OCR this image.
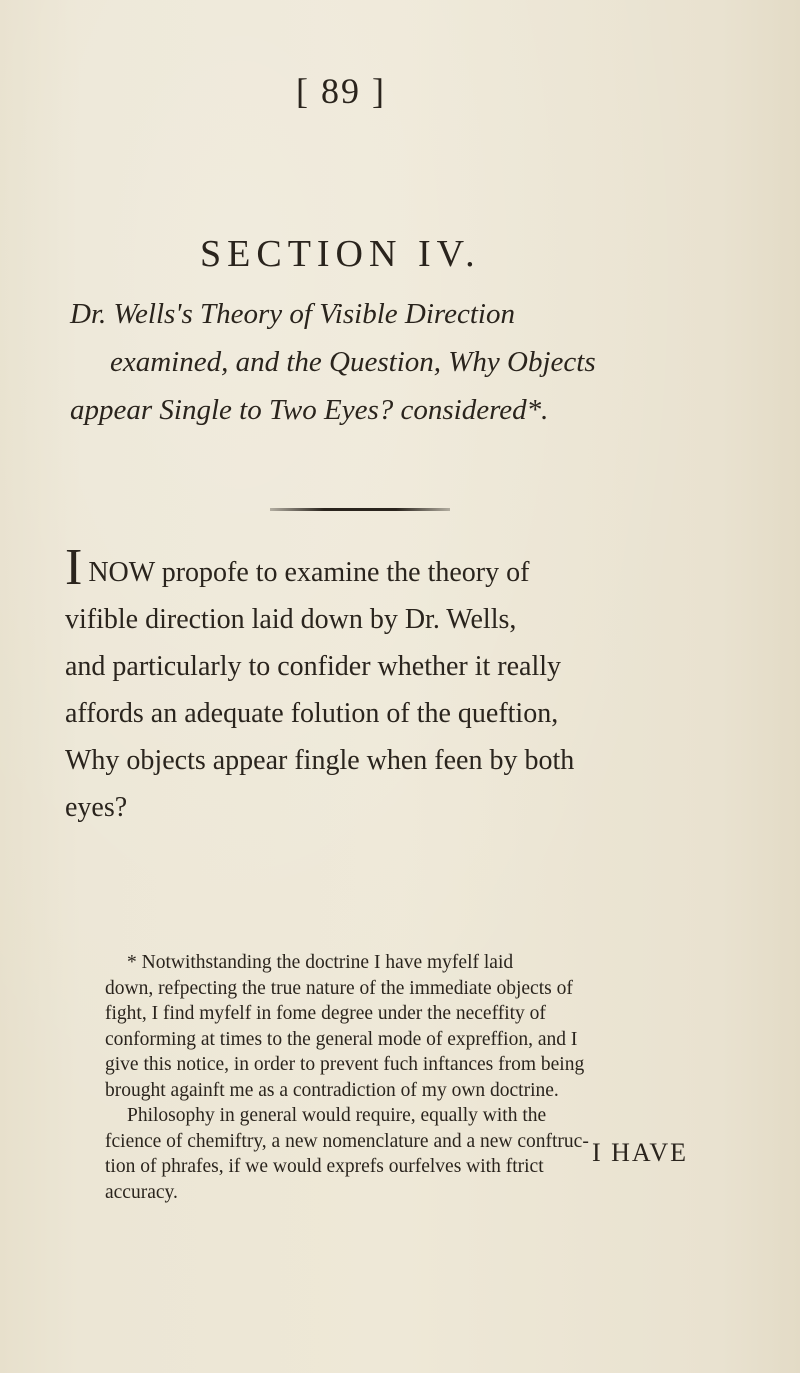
[ 89 ]
SECTION IV.
Dr. Wells's Theory of Visible Direction
examined, and the Question, Why Objects
appear Single to Two Eyes? considered*.
INOW propofe to examine the theory of
vifible direction laid down by Dr. Wells,
and particularly to confider whether it really
affords an adequate folution of the queftion,
Why objects appear fingle when feen by both
eyes?
* Notwithstanding the doctrine I have myfelf laid
down, refpecting the true nature of the immediate objects of
fight, I find myfelf in fome degree under the neceffity of
conforming at times to the general mode of expreffion, and I
give this notice, in order to prevent fuch inftances from being
brought againft me as a contradiction of my own doctrine.
Philosophy in general would require, equally with the
fcience of chemiftry, a new nomenclature and a new conftruc-
tion of phrafes, if we would exprefs ourfelves with ftrict
accuracy.
I HAVE
